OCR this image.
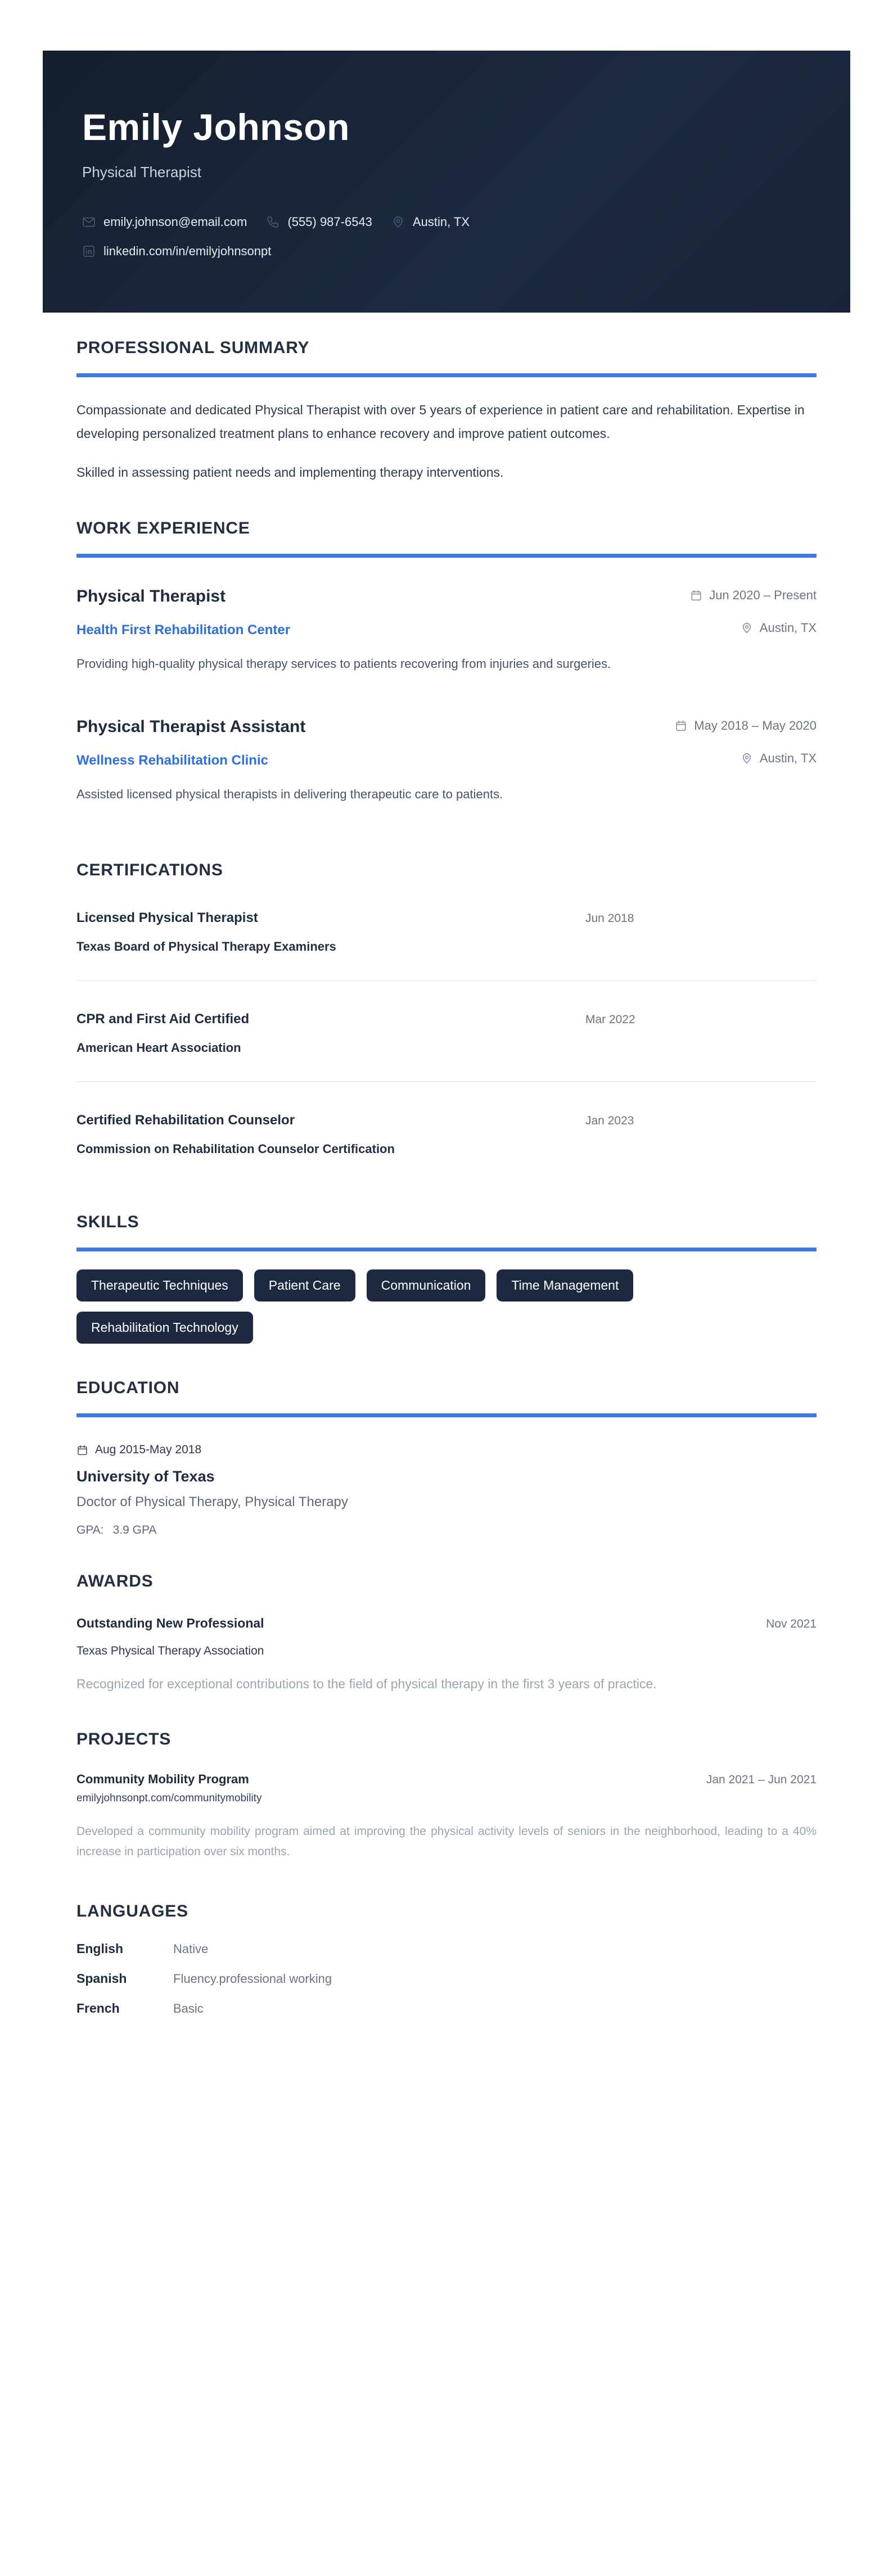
Emily Johnson
Physical Therapist
emily.johnson@email.com	(555) 987-6543	Austin, TX
linkedin.com/in/emilyjohnsonpt
PROFESSIONAL SUMMARY

Compassionate and dedicated Physical Therapist with over 5 years of experience in patient care and rehabilitation. Expertise in developing personalized treatment plans to enhance recovery and improve patient outcomes.

Skilled in assessing patient needs and implementing therapy interventions.

WORK EXPERIENCE
Physical Therapist	Jun 2020 – Present
Health First Rehabilitation Center	Austin, TX

Providing high-quality physical therapy services to patients recovering from injuries and surgeries.

Physical Therapist Assistant	May 2018 – May 2020
Wellness Rehabilitation Clinic	Austin, TX

Assisted licensed physical therapists in delivering therapeutic care to patients.

CERTIFICATIONS
Licensed Physical Therapist
Texas Board of Physical Therapy Examiners
Jun 2018
CPR and First Aid Certified
American Heart Association
Mar 2022
Certified Rehabilitation Counselor
Commission on Rehabilitation Counselor Certification
Jan 2023
SKILLS
Therapeutic Techniques	Patient Care	Communication	Time Management
Rehabilitation Technology
EDUCATION
Aug 2015-May 2018
University of Texas
Doctor of Physical Therapy, Physical Therapy
GPA: 3.9 GPA
AWARDS
Outstanding New Professional	Nov 2021
Texas Physical Therapy Association

Recognized for exceptional contributions to the field of physical therapy in the first 3 years of practice.

PROJECTS
Community Mobility Program	Jan 2021 – Jun 2021
emilyjohnsonpt.com/communitymobility

Developed a community mobility program aimed at improving the physical activity levels of seniors in the neighborhood, leading to a 40% increase in participation over six months.

LANGUAGES
English	Native
Spanish	Fluency.professional working
French	Basic
